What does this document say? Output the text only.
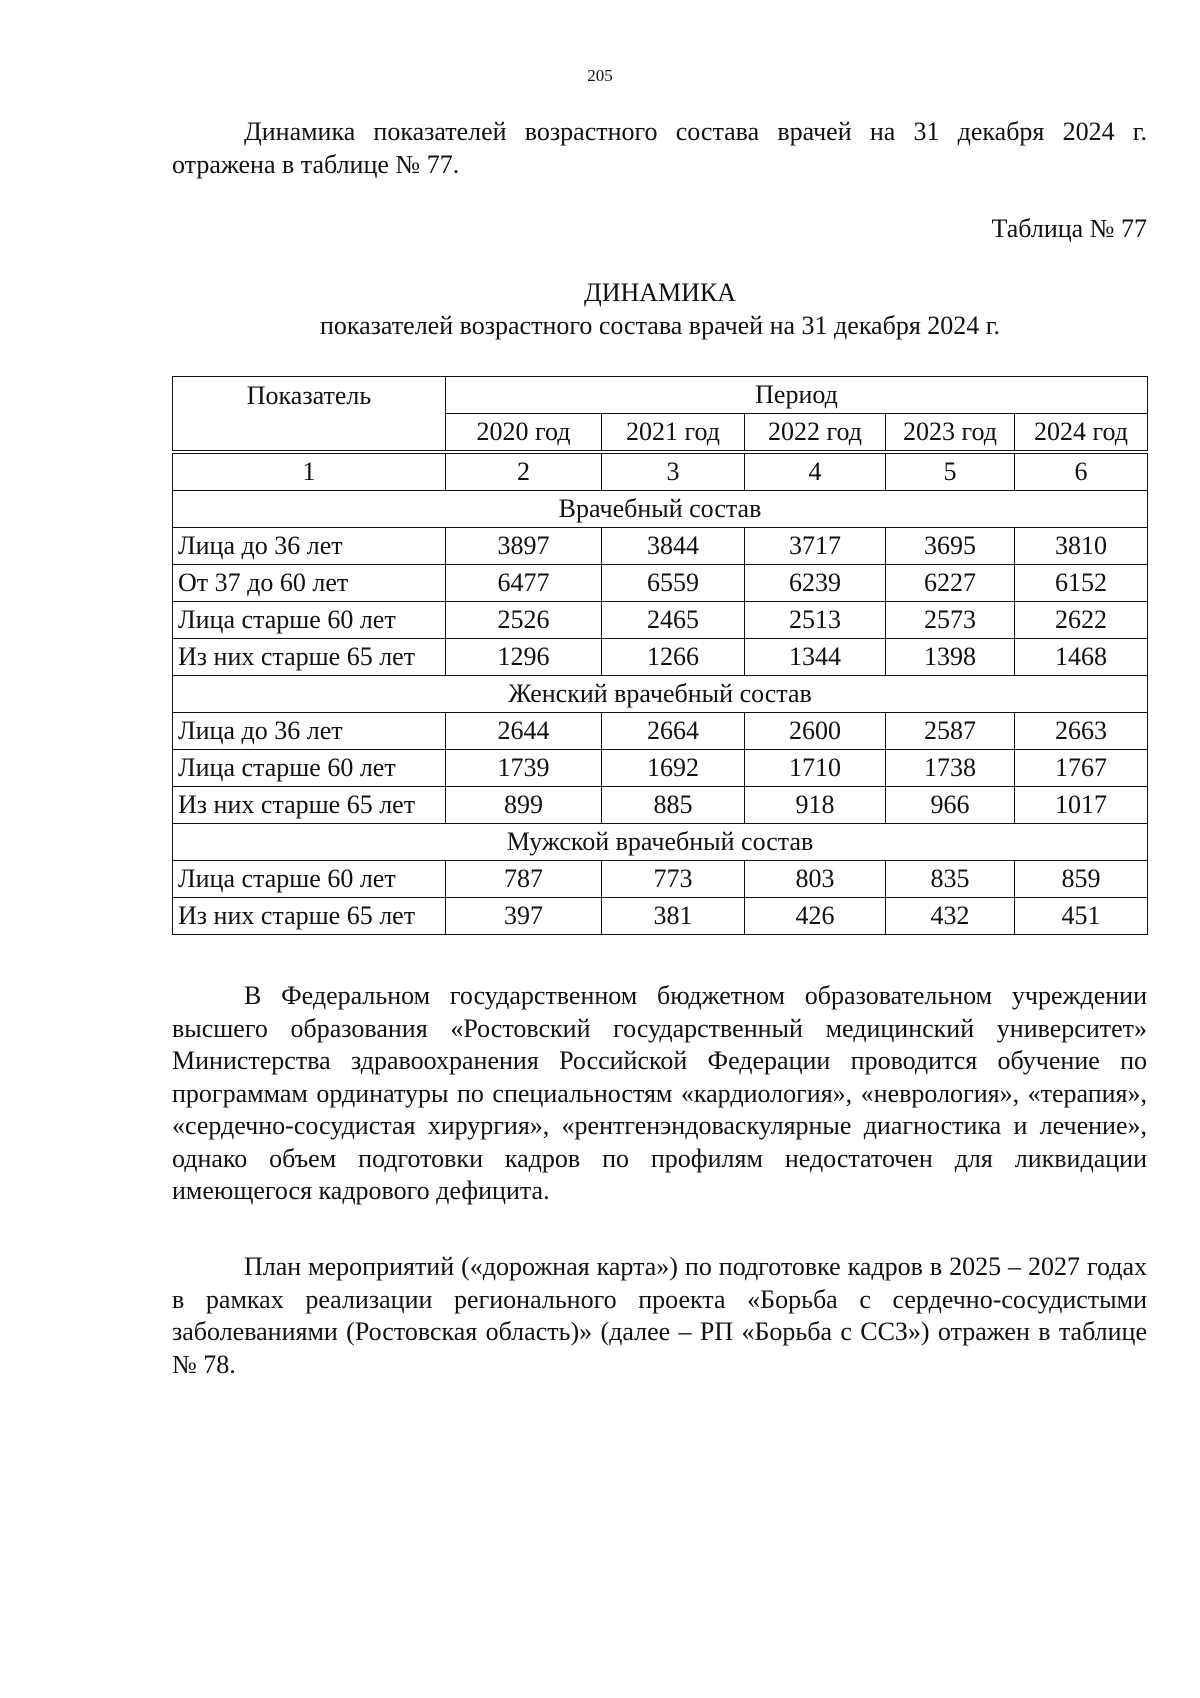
205

Динамика показателей возрастного состава врачей на 31 декабря 2024 г. отражена в таблице № 77.

Таблица № 77
ДИНАМИКА
показателей возрастного состава врачей на 31 декабря 2024 г.
Показатель	Период				
	2020 год	2021 год	2022 год	2023 год	2024 год
1	2	3	4	5	6
Врачебный состав					
Лица до 36 лет	3897	3844	3717	3695	3810
От 37 до 60 лет	6477	6559	6239	6227	6152
Лица старше 60 лет	2526	2465	2513	2573	2622
Из них старше 65 лет	1296	1266	1344	1398	1468
Женский врачебный состав					
Лица до 36 лет	2644	2664	2600	2587	2663
Лица старше 60 лет	1739	1692	1710	1738	1767
Из них старше 65 лет	899	885	918	966	1017
Мужской врачебный состав					
Лица старше 60 лет	787	773	803	835	859
Из них старше 65 лет	397	381	426	432	451

В Федеральном государственном бюджетном образовательном учреждении высшего образования «Ростовский государственный медицинский университет» Министерства здравоохранения Российской Федерации проводится обучение по программам ординатуры по специальностям «кардиология», «неврология», «терапия», «сердечно-сосудистая хирургия», «рентгенэндоваскулярные диагностика и лечение», однако объем подготовки кадров по профилям недостаточен для ликвидации имеющегося кадрового дефицита.

План мероприятий («дорожная карта») по подготовке кадров в 2025 – 2027 годах в рамках реализации регионального проекта «Борьба с сердечно-сосудистыми заболеваниями (Ростовская область)» (далее – РП «Борьба с ССЗ») отражен в таблице № 78.
